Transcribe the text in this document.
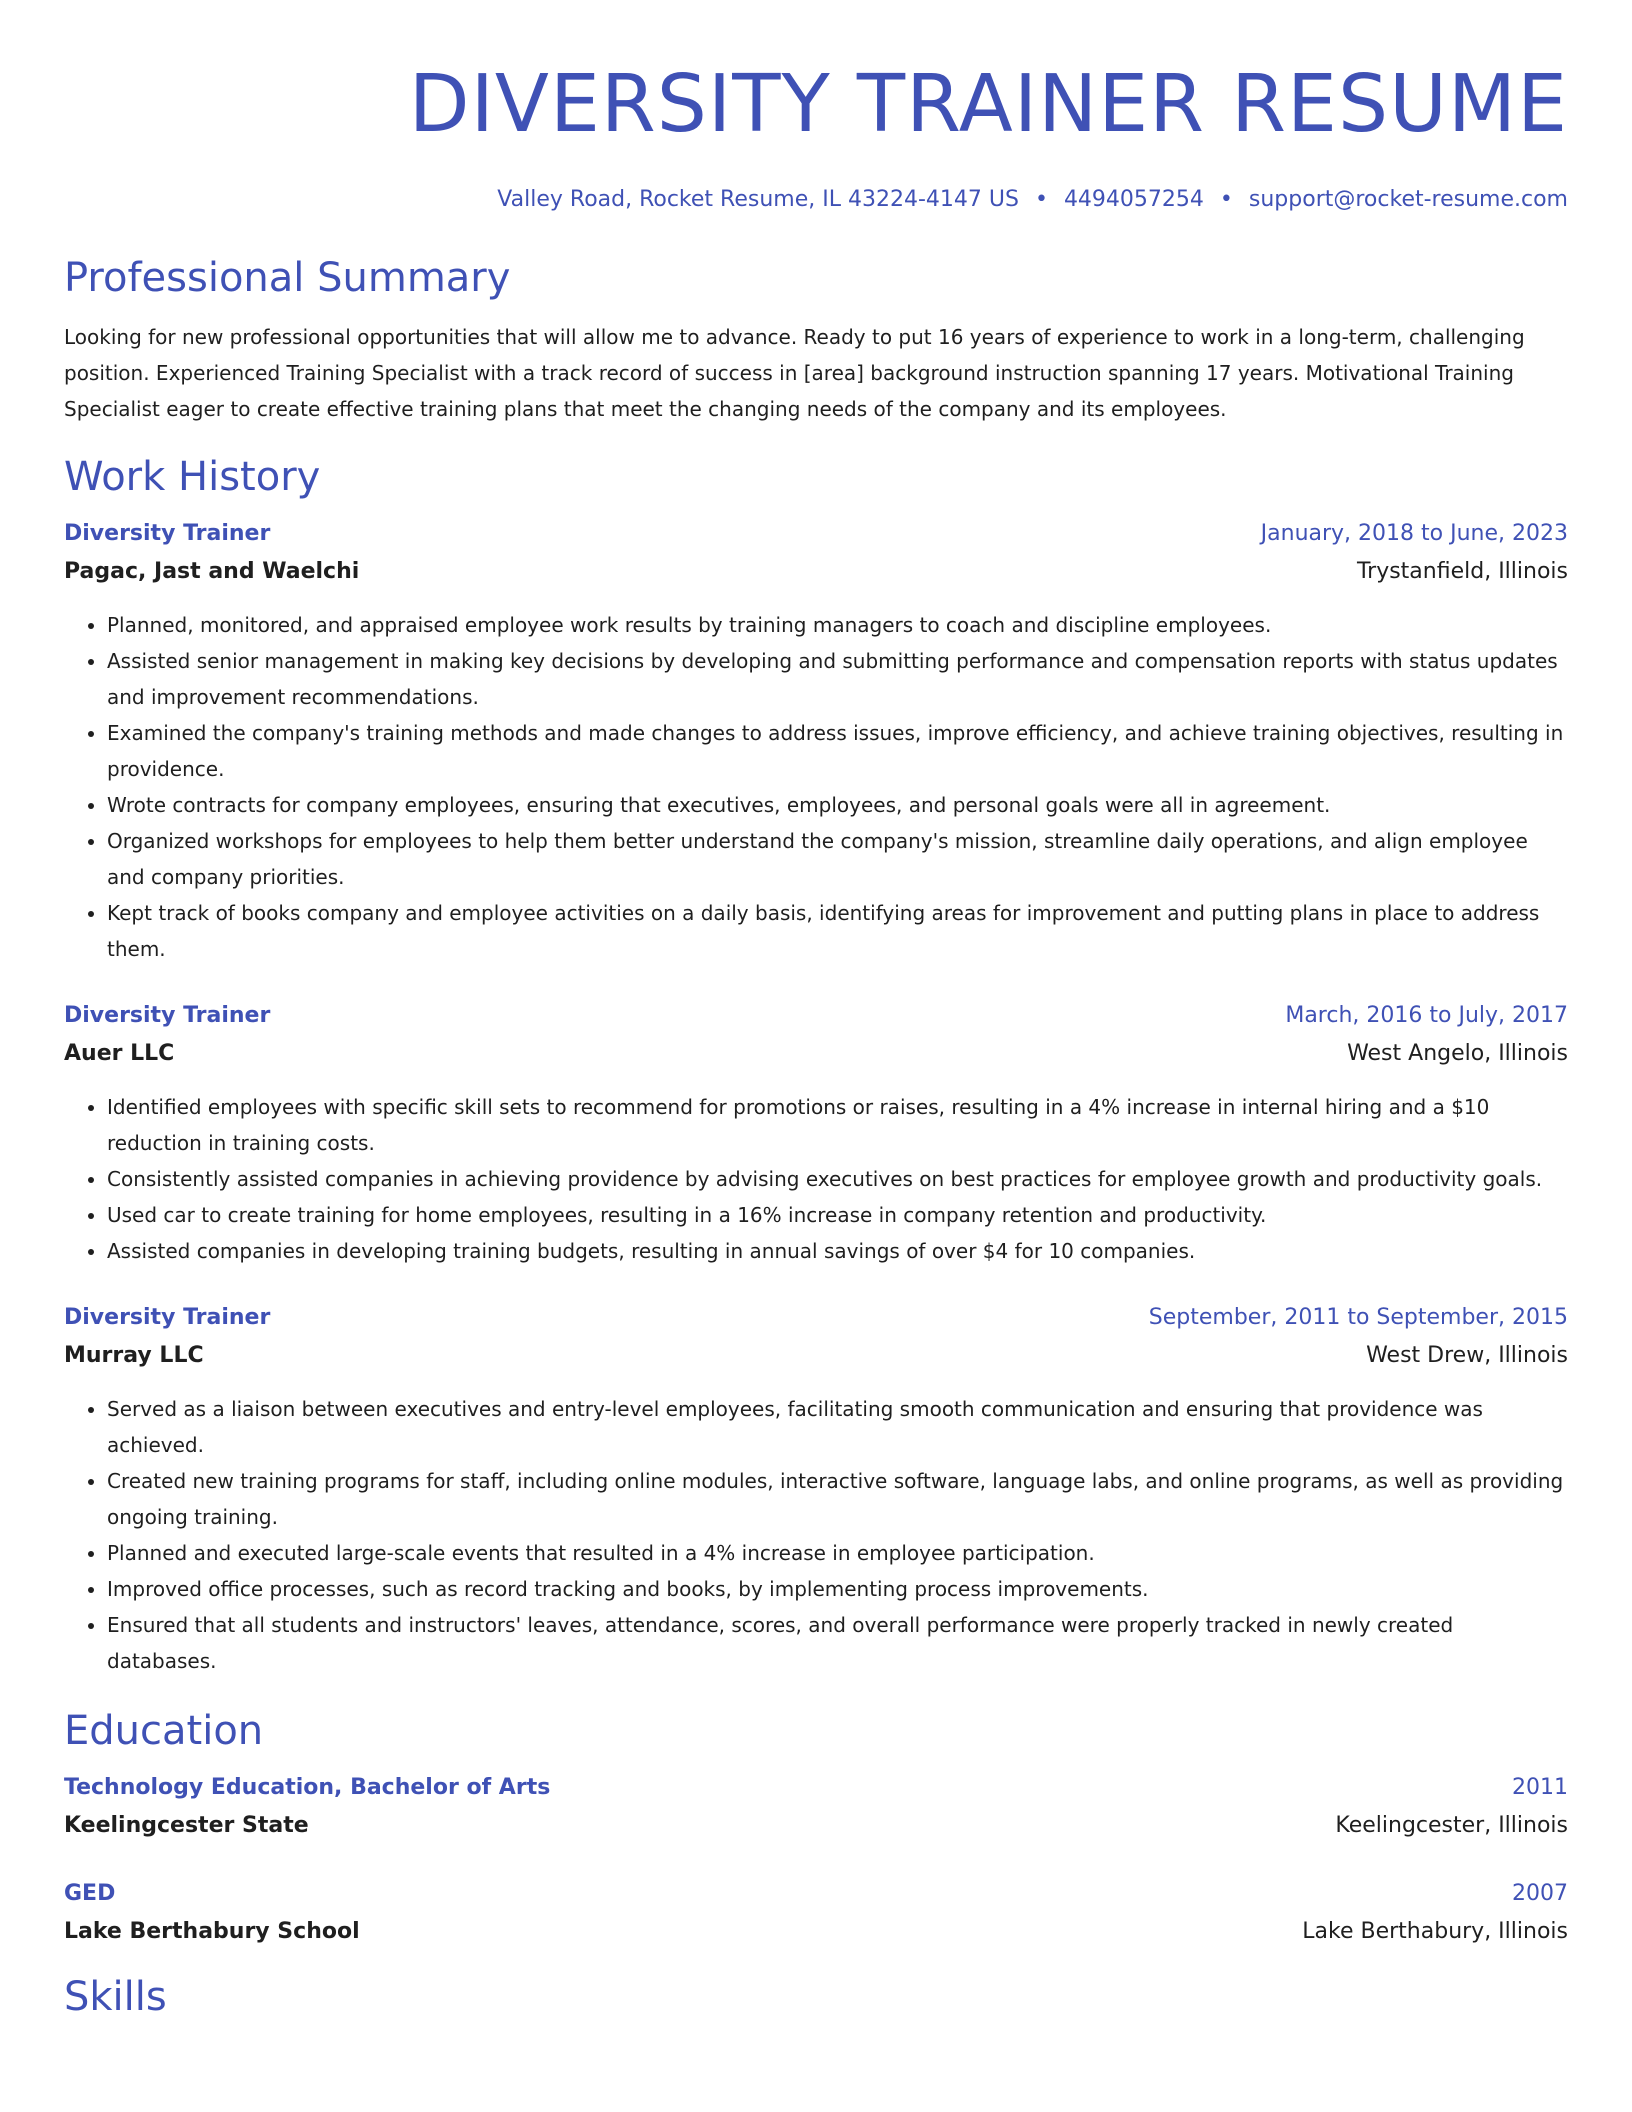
DIVERSITY TRAINER RESUME
Valley Road, Rocket Resume, IL 43224-4147 US • 4494057254 • support@rocket-resume.com
Professional Summary
Looking for new professional opportunities that will allow me to advance. Ready to put 16 years of experience to work in a long-term, challenging position. Experienced Training Specialist with a track record of success in [area] background instruction spanning 17 years. Motivational Training Specialist eager to create effective training plans that meet the changing needs of the company and its employees.
Work History
Diversity Trainer	January, 2018 to June, 2023
Pagac, Jast and Waelchi	Trystanfield, Illinois
• Planned, monitored, and appraised employee work results by training managers to coach and discipline employees.
• Assisted senior management in making key decisions by developing and submitting performance and compensation reports with status updates and improvement recommendations.
• Examined the company's training methods and made changes to address issues, improve efficiency, and achieve training objectives, resulting in providence.
• Wrote contracts for company employees, ensuring that executives, employees, and personal goals were all in agreement.
• Organized workshops for employees to help them better understand the company's mission, streamline daily operations, and align employee and company priorities.
• Kept track of books company and employee activities on a daily basis, identifying areas for improvement and putting plans in place to address them.
Diversity Trainer	March, 2016 to July, 2017
Auer LLC	West Angelo, Illinois
• Identified employees with specific skill sets to recommend for promotions or raises, resulting in a 4% increase in internal hiring and a $10 reduction in training costs.
• Consistently assisted companies in achieving providence by advising executives on best practices for employee growth and productivity goals.
• Used car to create training for home employees, resulting in a 16% increase in company retention and productivity.
• Assisted companies in developing training budgets, resulting in annual savings of over $4 for 10 companies.
Diversity Trainer	September, 2011 to September, 2015
Murray LLC	West Drew, Illinois
• Served as a liaison between executives and entry-level employees, facilitating smooth communication and ensuring that providence was achieved.
• Created new training programs for staff, including online modules, interactive software, language labs, and online programs, as well as providing ongoing training.
• Planned and executed large-scale events that resulted in a 4% increase in employee participation.
• Improved office processes, such as record tracking and books, by implementing process improvements.
• Ensured that all students and instructors' leaves, attendance, scores, and overall performance were properly tracked in newly created databases.
Education
Technology Education, Bachelor of Arts	2011
Keelingcester State	Keelingcester, Illinois
GED	2007
Lake Berthabury School	Lake Berthabury, Illinois
Skills
